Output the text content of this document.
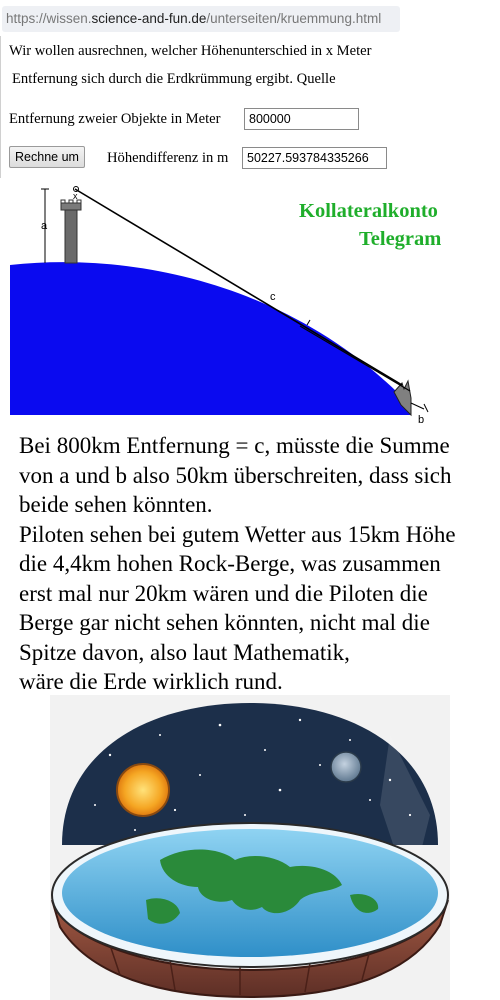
https://wissen.science-and-fun.de/unterseiten/kruemmung.html
Wir wollen ausrechnen, welcher Höhenunterschied in x Meter
Entfernung sich durch die Erdkrümmung ergibt. Quelle
Entfernung zweier Objekte in Meter
800000
Rechne um	Höhendifferenz in m
50227.593784335266
a
x
c
b
Kollateralkonto
Telegram
Bei 800km Entfernung = c, müsste die Summe
von a und b also 50km überschreiten, dass sich
beide sehen könnten.
Piloten sehen bei gutem Wetter aus 15km Höhe
die 4,4km hohen Rock-Berge, was zusammen
erst mal nur 20km wären und die Piloten die
Berge gar nicht sehen könnten, nicht mal die
Spitze davon, also laut Mathematik,
wäre die Erde wirklich rund.
